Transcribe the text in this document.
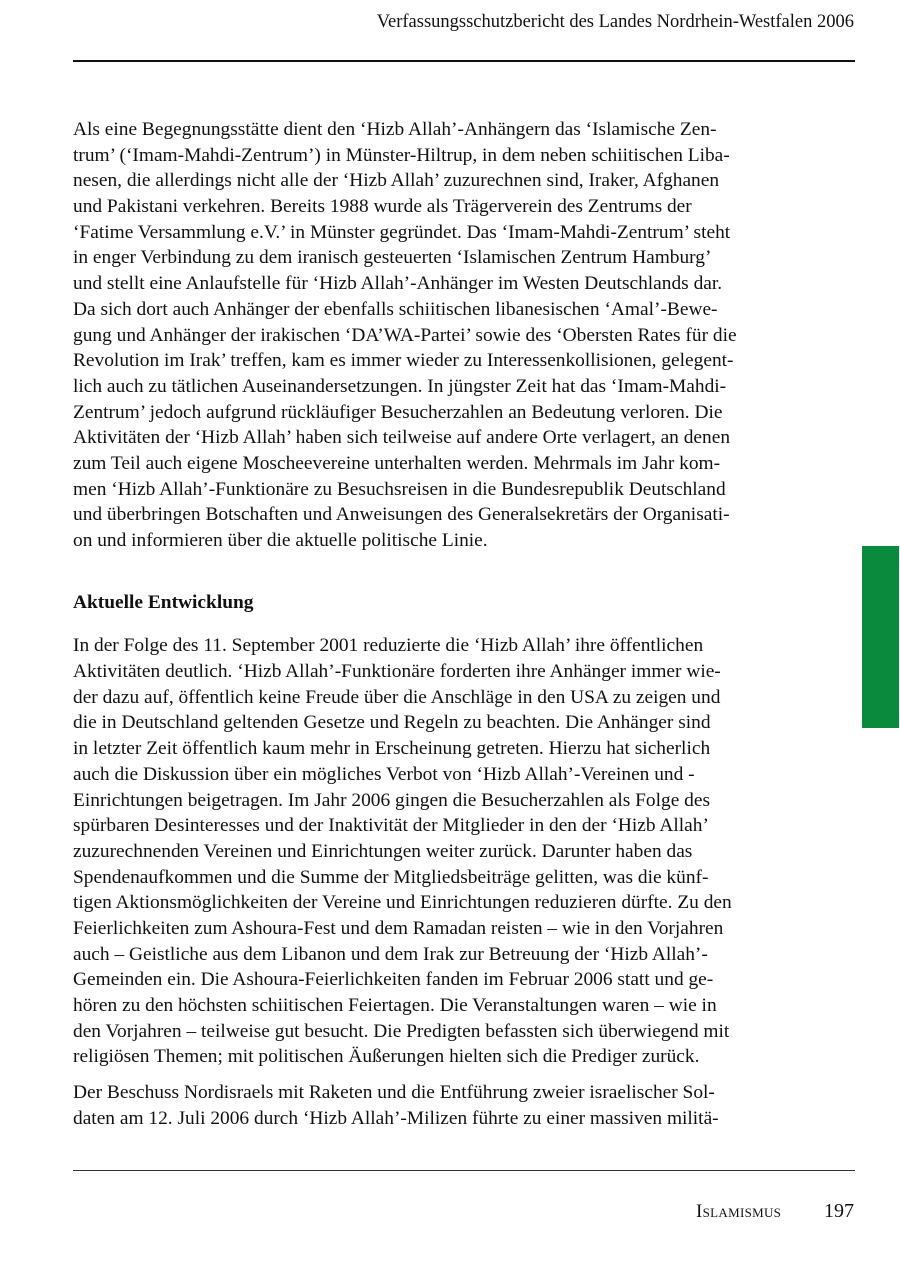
Verfassungsschutzbericht des Landes Nordrhein-Westfalen 2006
Als eine Begegnungsstätte dient den ‘Hizb Allah’-Anhängern das ‘Islamische Zen-
trum’ (‘Imam-Mahdi-Zentrum’) in Münster-Hiltrup, in dem neben schiitischen Liba-
nesen, die allerdings nicht alle der ‘Hizb Allah’ zuzurechnen sind, Iraker, Afghanen
und Pakistani verkehren. Bereits 1988 wurde als Trägerverein des Zentrums der
‘Fatime Versammlung e.V.’ in Münster gegründet. Das ‘Imam-Mahdi-Zentrum’ steht
in enger Verbindung zu dem iranisch gesteuerten ‘Islamischen Zentrum Hamburg’
und stellt eine Anlaufstelle für ‘Hizb Allah’-Anhänger im Westen Deutschlands dar.
Da sich dort auch Anhänger der ebenfalls schiitischen libanesischen ‘Amal’-Bewe-
gung und Anhänger der irakischen ‘DA’WA-Partei’ sowie des ‘Obersten Rates für die
Revolution im Irak’ treffen, kam es immer wieder zu Interessenkollisionen, gelegent-
lich auch zu tätlichen Auseinandersetzungen. In jüngster Zeit hat das ‘Imam-Mahdi-
Zentrum’ jedoch aufgrund rückläufiger Besucherzahlen an Bedeutung verloren. Die
Aktivitäten der ‘Hizb Allah’ haben sich teilweise auf andere Orte verlagert, an denen
zum Teil auch eigene Moscheevereine unterhalten werden. Mehrmals im Jahr kom-
men ‘Hizb Allah’-Funktionäre zu Besuchsreisen in die Bundesrepublik Deutschland
und überbringen Botschaften und Anweisungen des Generalsekretärs der Organisati-
on und informieren über die aktuelle politische Linie.
Aktuelle Entwicklung
In der Folge des 11. September 2001 reduzierte die ‘Hizb Allah’ ihre öffentlichen
Aktivitäten deutlich. ‘Hizb Allah’-Funktionäre forderten ihre Anhänger immer wie-
der dazu auf, öffentlich keine Freude über die Anschläge in den USA zu zeigen und
die in Deutschland geltenden Gesetze und Regeln zu beachten. Die Anhänger sind
in letzter Zeit öffentlich kaum mehr in Erscheinung getreten. Hierzu hat sicherlich
auch die Diskussion über ein mögliches Verbot von ‘Hizb Allah’-Vereinen und -
Einrichtungen beigetragen. Im Jahr 2006 gingen die Besucherzahlen als Folge des
spürbaren Desinteresses und der Inaktivität der Mitglieder in den der ‘Hizb Allah’
zuzurechnenden Vereinen und Einrichtungen weiter zurück. Darunter haben das
Spendenaufkommen und die Summe der Mitgliedsbeiträge gelitten, was die künf-
tigen Aktionsmöglichkeiten der Vereine und Einrichtungen reduzieren dürfte. Zu den
Feierlichkeiten zum Ashoura-Fest und dem Ramadan reisten – wie in den Vorjahren
auch – Geistliche aus dem Libanon und dem Irak zur Betreuung der ‘Hizb Allah’-
Gemeinden ein. Die Ashoura-Feierlichkeiten fanden im Februar 2006 statt und ge-
hören zu den höchsten schiitischen Feiertagen. Die Veranstaltungen waren – wie in
den Vorjahren – teilweise gut besucht. Die Predigten befassten sich überwiegend mit
religiösen Themen; mit politischen Äußerungen hielten sich die Prediger zurück.
Der Beschuss Nordisraels mit Raketen und die Entführung zweier israelischer Sol-
daten am 12. Juli 2006 durch ‘Hizb Allah’-Milizen führte zu einer massiven militä-
Islamismus 197
